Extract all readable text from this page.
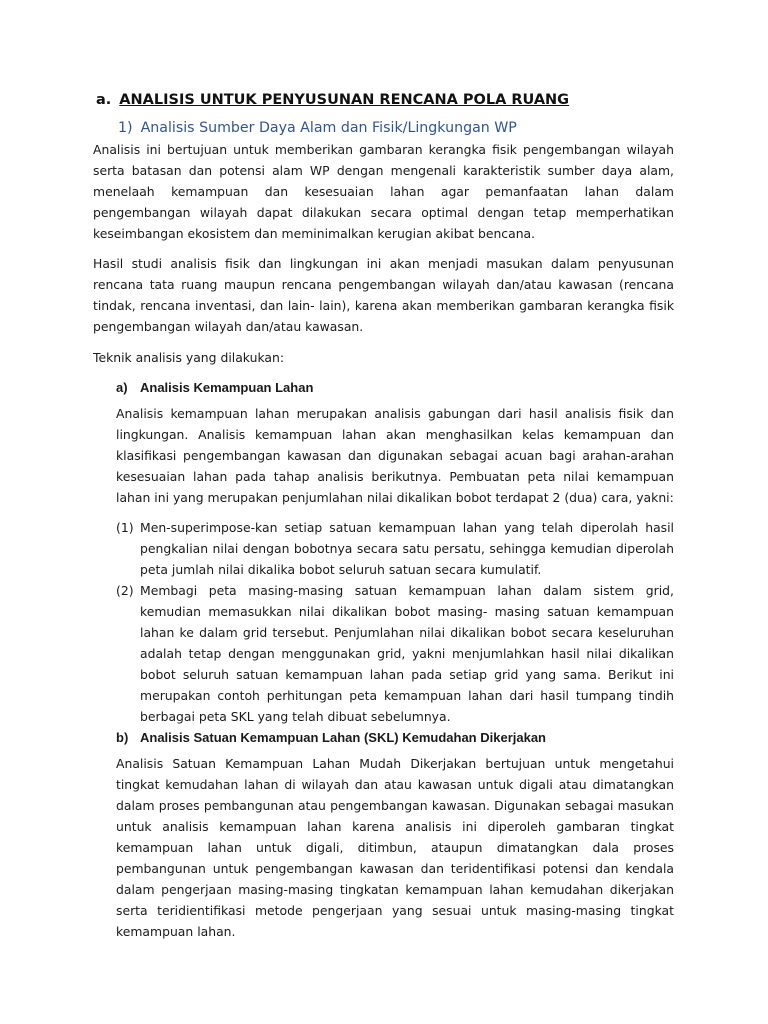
a. ANALISIS UNTUK PENYUSUNAN RENCANA POLA RUANG
1) Analisis Sumber Daya Alam dan Fisik/Lingkungan WP

Analisis ini bertujuan untuk memberikan gambaran kerangka fisik pengembangan wilayah serta batasan dan potensi alam WP dengan mengenali karakteristik sumber daya alam, menelaah kemampuan dan kesesuaian lahan agar pemanfaatan lahan dalam pengembangan wilayah dapat dilakukan secara optimal dengan tetap memperhatikan keseimbangan ekosistem dan meminimalkan kerugian akibat bencana.

Hasil studi analisis fisik dan lingkungan ini akan menjadi masukan dalam penyusunan rencana tata ruang maupun rencana pengembangan wilayah dan/atau kawasan (rencana tindak, rencana inventasi, dan lain- lain), karena akan memberikan gambaran kerangka fisik pengembangan wilayah dan/atau kawasan.

Teknik analisis yang dilakukan:

a) Analisis Kemampuan Lahan

Analisis kemampuan lahan merupakan analisis gabungan dari hasil analisis fisik dan lingkungan. Analisis kemampuan lahan akan menghasilkan kelas kemampuan dan klasifikasi pengembangan kawasan dan digunakan sebagai acuan bagi arahan-arahan kesesuaian lahan pada tahap analisis berikutnya. Pembuatan peta nilai kemampuan lahan ini yang merupakan penjumlahan nilai dikalikan bobot terdapat 2 (dua) cara, yakni:

(1) Men-superimpose-kan setiap satuan kemampuan lahan yang telah diperolah hasil pengkalian nilai dengan bobotnya secara satu persatu, sehingga kemudian diperolah peta jumlah nilai dikalika bobot seluruh satuan secara kumulatif.

(2) Membagi peta masing-masing satuan kemampuan lahan dalam sistem grid, kemudian memasukkan nilai dikalikan bobot masing- masing satuan kemampuan lahan ke dalam grid tersebut. Penjumlahan nilai dikalikan bobot secara keseluruhan adalah tetap dengan menggunakan grid, yakni menjumlahkan hasil nilai dikalikan bobot seluruh satuan kemampuan lahan pada setiap grid yang sama. Berikut ini merupakan contoh perhitungan peta kemampuan lahan dari hasil tumpang tindih berbagai peta SKL yang telah dibuat sebelumnya.

b) Analisis Satuan Kemampuan Lahan (SKL) Kemudahan Dikerjakan

Analisis Satuan Kemampuan Lahan Mudah Dikerjakan bertujuan untuk mengetahui tingkat kemudahan lahan di wilayah dan atau kawasan untuk digali atau dimatangkan dalam proses pembangunan atau pengembangan kawasan. Digunakan sebagai masukan untuk analisis kemampuan lahan karena analisis ini diperoleh gambaran tingkat kemampuan lahan untuk digali, ditimbun, ataupun dimatangkan dala proses pembangunan untuk pengembangan kawasan dan teridentifikasi potensi dan kendala dalam pengerjaan masing-masing tingkatan kemampuan lahan kemudahan dikerjakan serta teridientifikasi metode pengerjaan yang sesuai untuk masing-masing tingkat kemampuan lahan.
